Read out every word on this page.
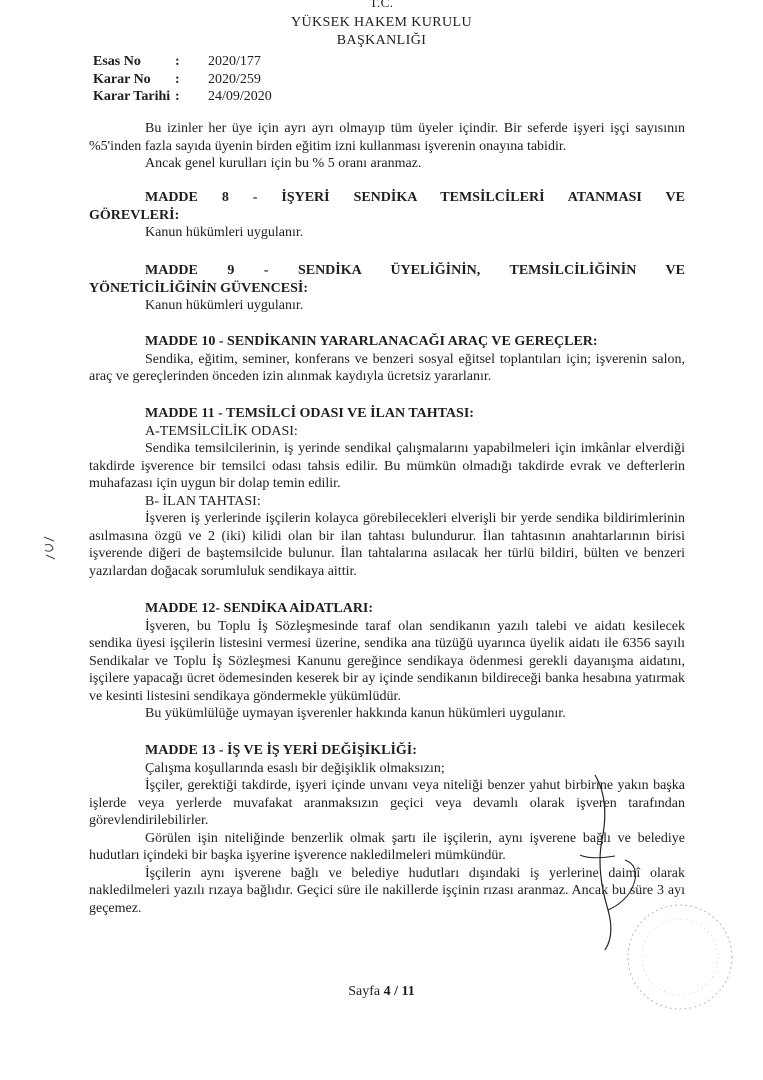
T.C.
YÜKSEK HAKEM KURULU
BAŞKANLIĞI
Esas No : 2020/177
Karar No : 2020/259
Karar Tarihi : 24/09/2020

Bu izinler her üye için ayrı ayrı olmayıp tüm üyeler içindir. Bir seferde işyeri işçi sayısının %5'inden fazla sayıda üyenin birden eğitim izni kullanması işverenin onayına tabidir.

Ancak genel kurulları için bu % 5 oranı aranmaz.

MADDE 8 - İŞYERİ SENDİKA TEMSİLCİLERİ ATANMASI VE

GÖREVLERİ:

Kanun hükümleri uygulanır.

MADDE 9 - SENDİKA ÜYELİĞİNİN, TEMSİLCİLİĞİNİN VE

YÖNETİCİLİĞİNİN GÜVENCESİ:

Kanun hükümleri uygulanır.

MADDE 10 - SENDİKANIN YARARLANACAĞI ARAÇ VE GEREÇLER:

Sendika, eğitim, seminer, konferans ve benzeri sosyal eğitsel toplantıları için; işverenin salon, araç ve gereçlerinden önceden izin alınmak kaydıyla ücretsiz yararlanır.

MADDE 11 - TEMSİLCİ ODASI VE İLAN TAHTASI:

A-TEMSİLCİLİK ODASI:

Sendika temsilcilerinin, iş yerinde sendikal çalışmalarını yapabilmeleri için imkânlar elverdiği takdirde işverence bir temsilci odası tahsis edilir. Bu mümkün olmadığı takdirde evrak ve defterlerin muhafazası için uygun bir dolap temin edilir.

B- İLAN TAHTASI:

İşveren iş yerlerinde işçilerin kolayca görebilecekleri elverişli bir yerde sendika bildirimlerinin asılmasına özgü ve 2 (iki) kilidi olan bir ilan tahtası bulundurur. İlan tahtasının anahtarlarının birisi işverende diğeri de baştemsilcide bulunur. İlan tahtalarına asılacak her türlü bildiri, bülten ve benzeri yazılardan doğacak sorumluluk sendikaya aittir.

MADDE 12- SENDİKA AİDATLARI:

İşveren, bu Toplu İş Sözleşmesinde taraf olan sendikanın yazılı talebi ve aidatı kesilecek sendika üyesi işçilerin listesini vermesi üzerine, sendika ana tüzüğü uyarınca üyelik aidatı ile 6356 sayılı Sendikalar ve Toplu İş Sözleşmesi Kanunu gereğince sendikaya ödenmesi gerekli dayanışma aidatını, işçilere yapacağı ücret ödemesinden keserek bir ay içinde sendikanın bildireceği banka hesabına yatırmak ve kesinti listesini sendikaya göndermekle yükümlüdür.

Bu yükümlülüğe uymayan işverenler hakkında kanun hükümleri uygulanır.

MADDE 13 - İŞ VE İŞ YERİ DEĞİŞİKLİĞİ:

Çalışma koşullarında esaslı bir değişiklik olmaksızın;

İşçiler, gerektiği takdirde, işyeri içinde unvanı veya niteliği benzer yahut birbirine yakın başka işlerde veya yerlerde muvafakat aranmaksızın geçici veya devamlı olarak işveren tarafından görevlendirilebilirler.

Görülen işin niteliğinde benzerlik olmak şartı ile işçilerin, aynı işverene bağlı ve belediye hudutları içindeki bir başka işyerine işverence nakledilmeleri mümkündür.

İşçilerin aynı işverene bağlı ve belediye hudutları dışındaki iş yerlerine daimî olarak nakledilmeleri yazılı rızaya bağlıdır. Geçici süre ile nakillerde işçinin rızası aranmaz. Ancak bu süre 3 ayı geçemez.

Sayfa 4 / 11
